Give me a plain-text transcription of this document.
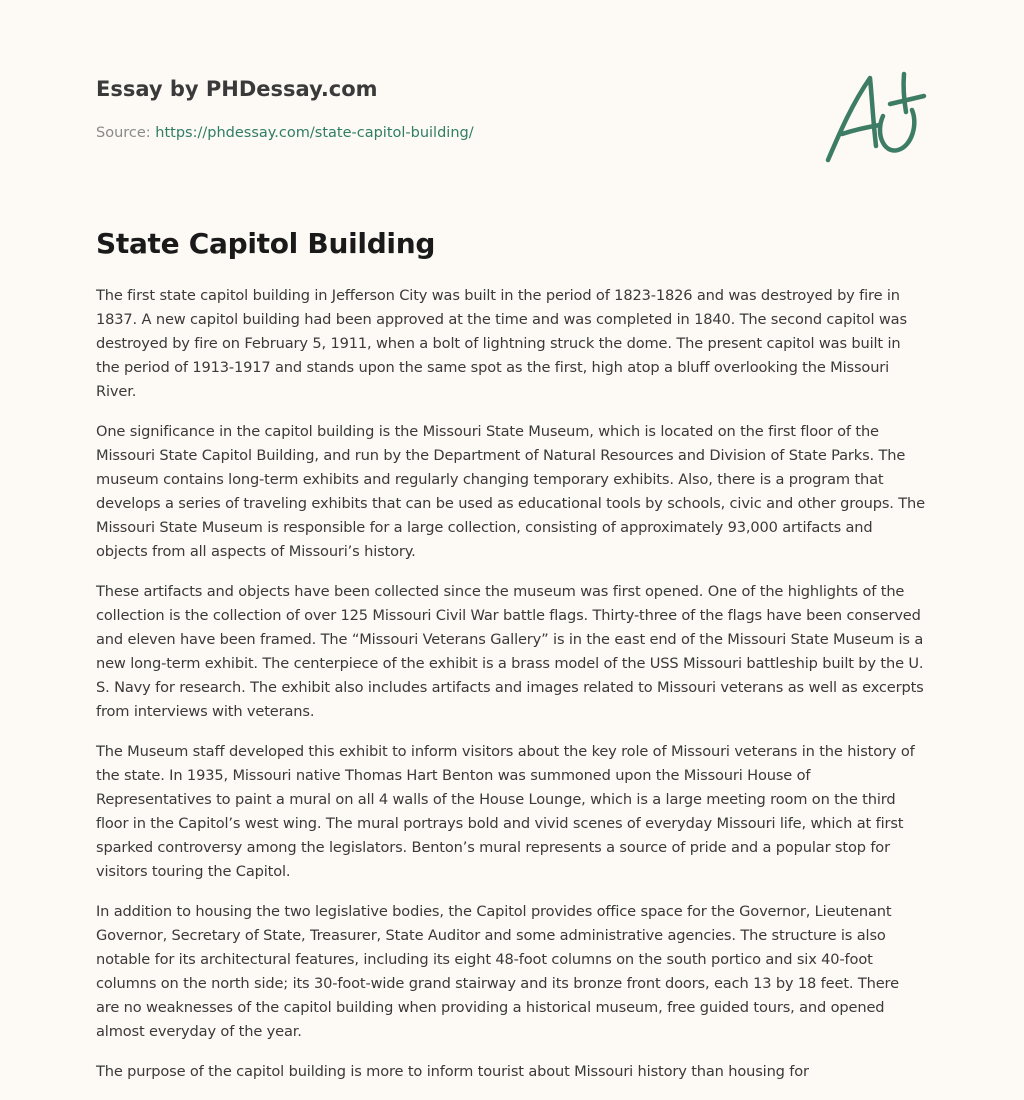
Essay by PHDessay.com
Source: https://phdessay.com/state-capitol-building/
State Capitol Building

The first state capitol building in Jefferson City was built in the period of 1823-1826 and was destroyed by fire in 1837. A new capitol building had been approved at the time and was completed in 1840. The second capitol was destroyed by fire on February 5, 1911, when a bolt of lightning struck the dome. The present capitol was built in the period of 1913-1917 and stands upon the same spot as the first, high atop a bluff overlooking the Missouri River.

One significance in the capitol building is the Missouri State Museum, which is located on the first floor of the Missouri State Capitol Building, and run by the Department of Natural Resources and Division of State Parks. The museum contains long-term exhibits and regularly changing temporary exhibits. Also, there is a program that develops a series of traveling exhibits that can be used as educational tools by schools, civic and other groups. The Missouri State Museum is responsible for a large collection, consisting of approximately 93,000 artifacts and objects from all aspects of Missouri’s history.

These artifacts and objects have been collected since the museum was first opened. One of the highlights of the collection is the collection of over 125 Missouri Civil War battle flags. Thirty-three of the flags have been conserved and eleven have been framed. The “Missouri Veterans Gallery” is in the east end of the Missouri State Museum is a new long-term exhibit. The centerpiece of the exhibit is a brass model of the USS Missouri battleship built by the U. S. Navy for research. The exhibit also includes artifacts and images related to Missouri veterans as well as excerpts from interviews with veterans.

The Museum staff developed this exhibit to inform visitors about the key role of Missouri veterans in the history of the state. In 1935, Missouri native Thomas Hart Benton was summoned upon the Missouri House of Representatives to paint a mural on all 4 walls of the House Lounge, which is a large meeting room on the third floor in the Capitol’s west wing. The mural portrays bold and vivid scenes of everyday Missouri life, which at first sparked controversy among the legislators. Benton’s mural represents a source of pride and a popular stop for visitors touring the Capitol.

In addition to housing the two legislative bodies, the Capitol provides office space for the Governor, Lieutenant Governor, Secretary of State, Treasurer, State Auditor and some administrative agencies. The structure is also notable for its architectural features, including its eight 48-foot columns on the south portico and six 40-foot columns on the north side; its 30-foot-wide grand stairway and its bronze front doors, each 13 by 18 feet. There are no weaknesses of the capitol building when providing a historical museum, free guided tours, and opened almost everyday of the year.

The purpose of the capitol building is more to inform tourist about Missouri history than housing for
